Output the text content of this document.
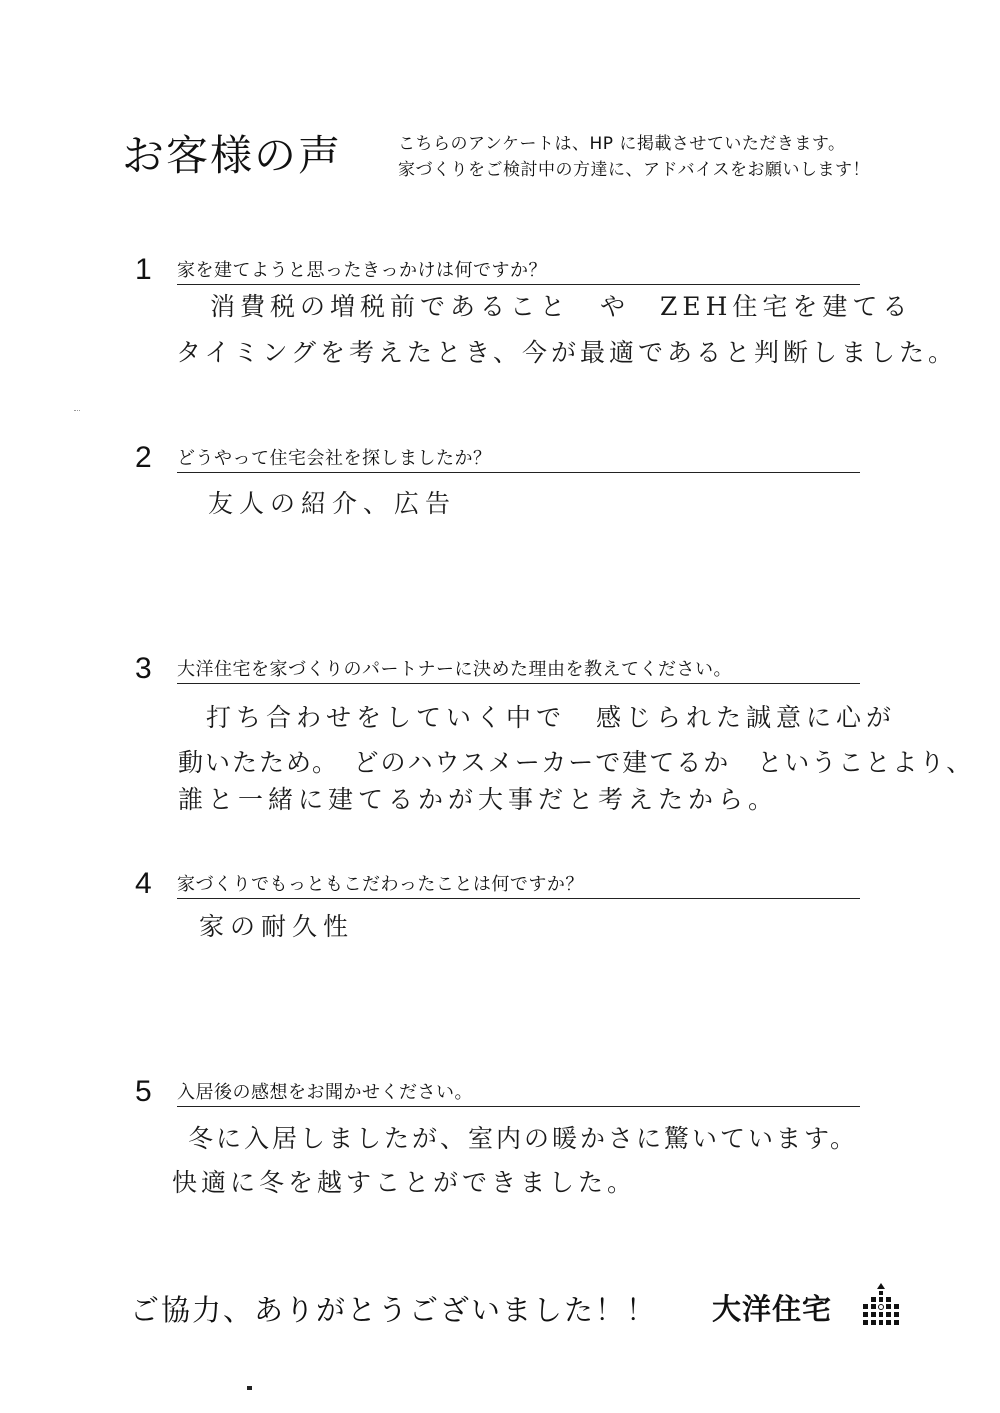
お客様の声	こちらのアンケートは、HP に掲載させていただきます。
家づくりをご検討中の方達に、アドバイスをお願いします！
1 家を建てようと思ったきっかけは何ですか？
消費税の増税前であること　や　ZEH住宅を建てる
タイミングを考えたとき、今が最適であると判断しました。
2 どうやって住宅会社を探しましたか？
友人の紹介、広告
3 大洋住宅を家づくりのパートナーに決めた理由を教えてください。
打ち合わせをしていく中で　感じられた誠意に心が
動いたため。　どのハウスメーカーで建てるか　ということより、
誰と一緒に建てるかが大事だと考えたから。
4 家づくりでもっともこだわったことは何ですか？
家の耐久性
5 入居後の感想をお聞かせください。
冬に入居しましたが、室内の暖かさに驚いています。
快適に冬を越すことができました。
ご協力、ありがとうございました！！ 大洋住宅
